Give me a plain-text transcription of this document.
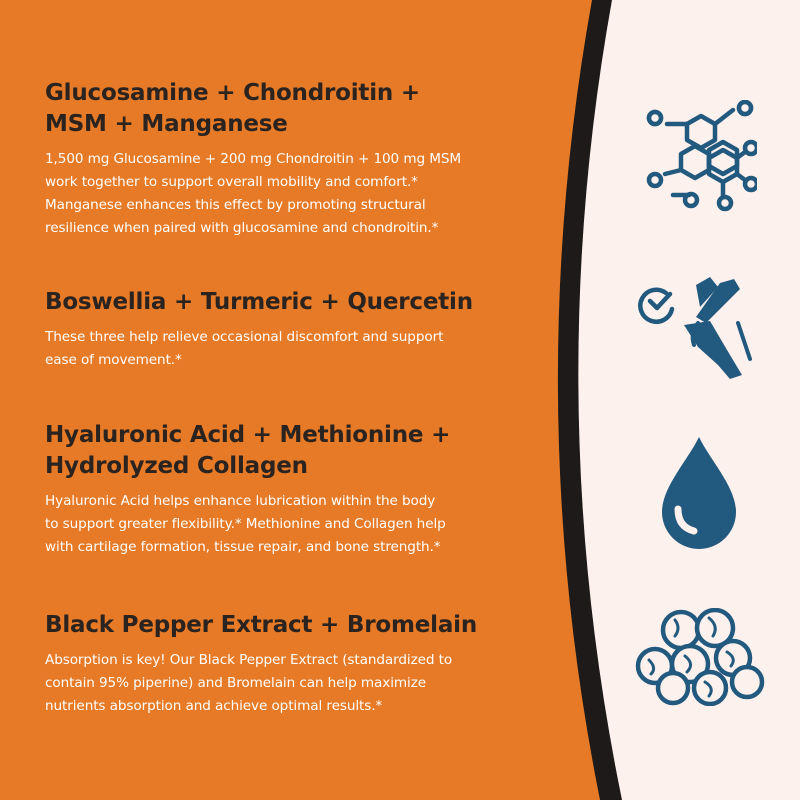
Glucosamine + Chondroitin +
MSM + Manganese

1,500 mg Glucosamine + 200 mg Chondroitin + 100 mg MSM
work together to support overall mobility and comfort.*
Manganese enhances this effect by promoting structural
resilience when paired with glucosamine and chondroitin.*

Boswellia + Turmeric + Quercetin

These three help relieve occasional discomfort and support
ease of movement.*

Hyaluronic Acid + Methionine +
Hydrolyzed Collagen

Hyaluronic Acid helps enhance lubrication within the body
to support greater flexibility.* Methionine and Collagen help
with cartilage formation, tissue repair, and bone strength.*

Black Pepper Extract + Bromelain

Absorption is key! Our Black Pepper Extract (standardized to
contain 95% piperine) and Bromelain can help maximize
nutrients absorption and achieve optimal results.*
